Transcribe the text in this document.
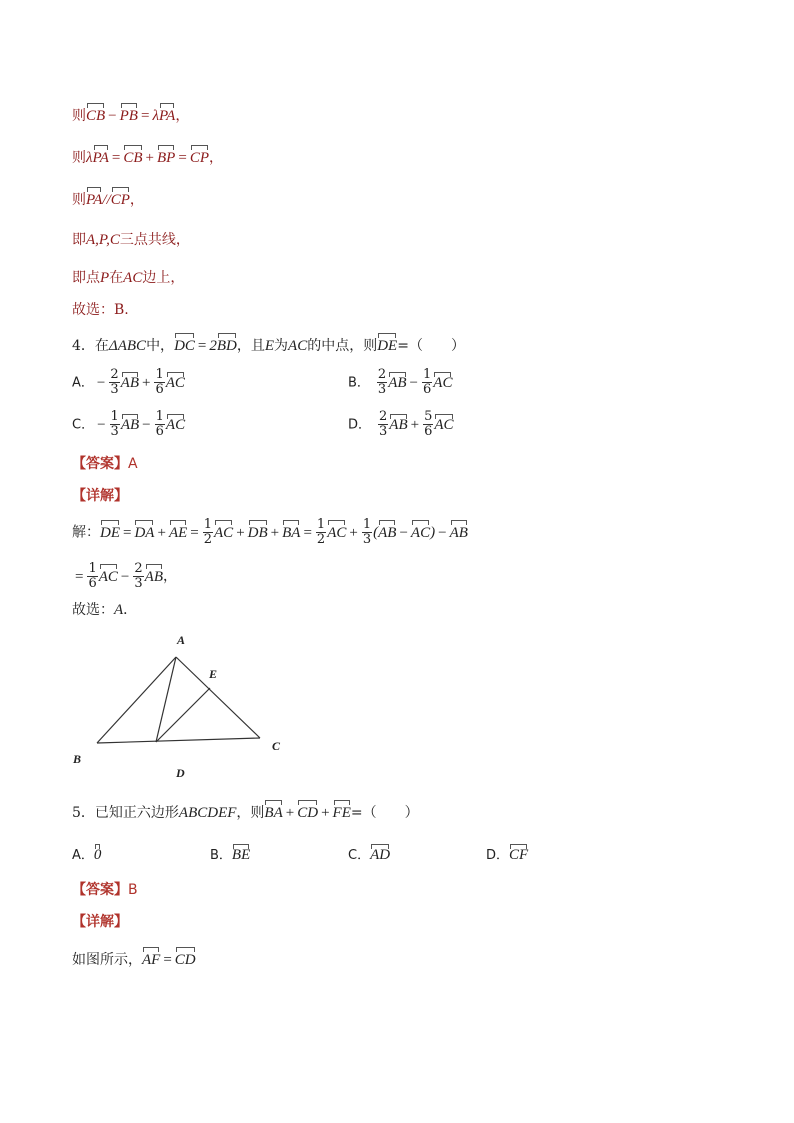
则CB − PB = λPA，
则λPA = CB + BP = CP，
则PA//CP，
即A,P,C三点共线，
即点P在AC边上，
故选：B.
4．在ΔABC中，DC = 2BD，且E为AC的中点，则DE=（　　）
A． − $\frac{2}{3}$ AB + $\frac{1}{6}$ AC	B． $\frac{2}{3}$ AB − $\frac{1}{6}$ AC
C． − $\frac{1}{3}$ AB − $\frac{1}{6}$ AC	D． $\frac{2}{3}$ AB + $\frac{5}{6}$ AC
【答案】A
【详解】
解：DE = DA + AE = $\frac{1}{2}$ AC + DB + BA = $\frac{1}{2}$ AC + $\frac{1}{3} (AB - AC)$ − AB
= $\frac{1}{6}$ AC − $\frac{2}{3}$ AB，
故选：A．
A
E
B
C
D
5．已知正六边形ABCDEF，则BA + CD + FE=（　　）
A．0	B．BE	C．AD	D．CF
【答案】B
【详解】
如图所示，AF = CD
